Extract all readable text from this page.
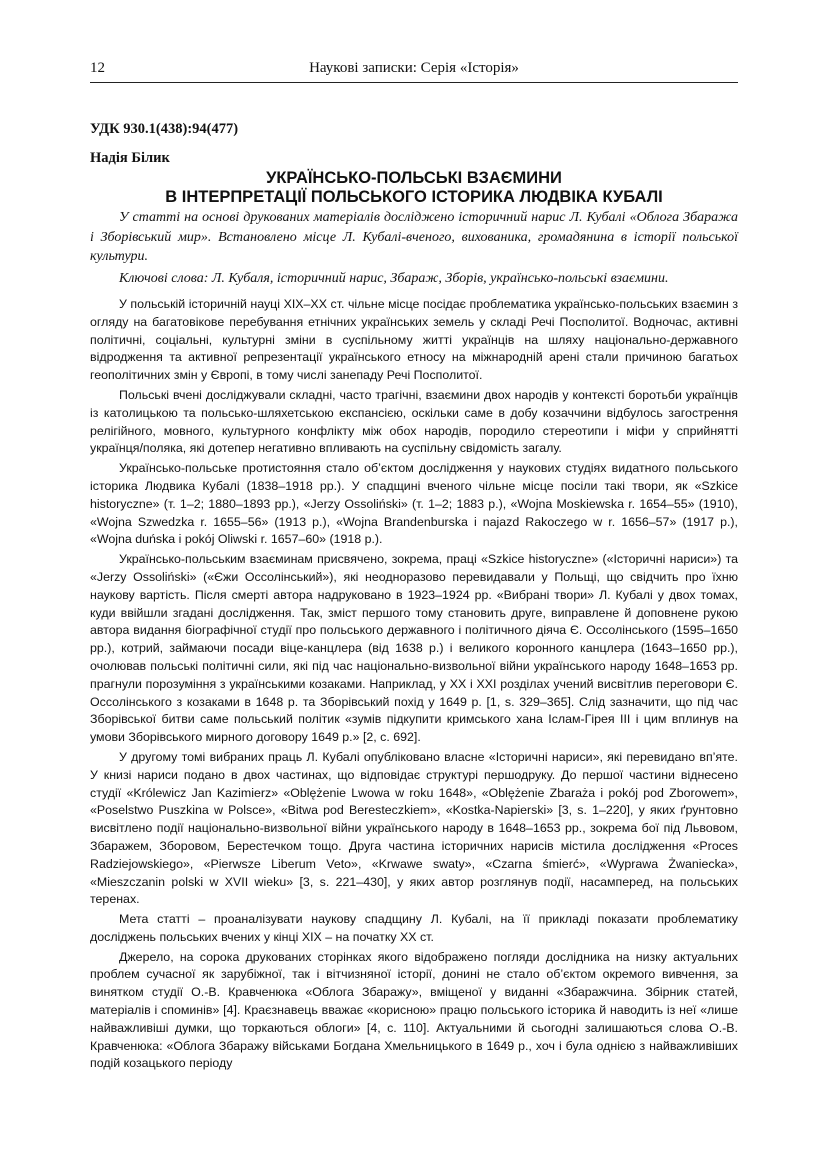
12	Наукові записки: Серія «Історія»
УДК 930.1(438):94(477)
Надія Білик
УКРАЇНСЬКО-ПОЛЬСЬКІ ВЗАЄМИНИ
В ІНТЕРПРЕТАЦІЇ ПОЛЬСЬКОГО ІСТОРИКА ЛЮДВІКА КУБАЛІ
У статті на основі друкованих матеріалів досліджено історичний нарис Л. Кубалі «Облога Збаража і Зборівський мир». Встановлено місце Л. Кубалі-вченого, вихованика, громадянина в історії польської культури.
Ключові слова: Л. Кубаля, історичний нарис, Збараж, Зборів, українсько-польські взаємини.

У польській історичній науці XIX–XX ст. чільне місце посідає проблематика українсько-польських взаємин з огляду на багатовікове перебування етнічних українських земель у складі Речі Посполитої. Водночас, активні політичні, соціальні, культурні зміни в суспільному житті українців на шляху національно-державного відродження та активної репрезентації українського етносу на міжнародній арені стали причиною багатьох геополітичних змін у Європі, в тому числі занепаду Речі Посполитої.

Польські вчені досліджували складні, часто трагічні, взаємини двох народів у контексті боротьби українців із католицькою та польсько-шляхетською експансією, оскільки саме в добу козаччини відбулось загострення релігійного, мовного, культурного конфлікту між обох народів, породило стереотипи і міфи у сприйнятті українця/поляка, які дотепер негативно впливають на суспільну свідомість загалу.

Українсько-польське протистояння стало об’єктом дослідження у наукових студіях видатного польського історика Людвика Кубалі (1838–1918 рр.). У спадщині вченого чільне місце посіли такі твори, як «Szkice historyczne» (т. 1–2; 1880–1893 рр.), «Jerzy Ossoliński» (т. 1–2; 1883 р.), «Wojna Moskiewska r. 1654–55» (1910), «Wojna Szwedzka r. 1655–56» (1913 р.), «Wojna Brandenburska i najazd Rakoczego w r. 1656–57» (1917 р.), «Wojna duńska i pokój Oliwski r. 1657–60» (1918 р.).

Українсько-польським взаєминам присвячено, зокрема, праці «Szkice historyczne» («Історичні нариси») та «Jerzy Ossoliński» («Єжи Оссолінський»), які неодноразово перевидавали у Польщі, що свідчить про їхню наукову вартість. Після смерті автора надруковано в 1923–1924 рр. «Вибрані твори» Л. Кубалі у двох томах, куди ввійшли згадані дослідження. Так, зміст першого тому становить друге, виправлене й доповнене рукою автора видання біографічної студії про польського державного і політичного діяча Є. Оссолінського (1595–1650 рр.), котрий, займаючи посади віце-канцлера (від 1638 р.) і великого коронного канцлера (1643–1650 рр.), очолював польські політичні сили, які під час національно-визвольної війни українського народу 1648–1653 рр. прагнули порозуміння з українськими козаками. Наприклад, у XX і XXI розділах учений висвітлив переговори Є. Оссолінського з козаками в 1648 р. та Зборівський похід у 1649 р. [1, s. 329–365]. Слід зазначити, що під час Зборівської битви саме польський політик «зумів підкупити кримського хана Іслам-Гірея III і цим вплинув на умови Зборівського мирного договору 1649 р.» [2, с. 692].

У другому томі вибраних праць Л. Кубалі опубліковано власне «Історичні нариси», які перевидано вп’яте. У книзі нариси подано в двох частинах, що відповідає структурі першодруку. До першої частини віднесено студії «Królewicz Jan Kazimierz» «Oblężenie Lwowa w roku 1648», «Oblężenie Zbaraża i pokój pod Zborowem», «Poselstwo Puszkina w Polsce», «Bitwa pod Beresteczkiem», «Kostka-Napierski» [3, s. 1–220], у яких ґрунтовно висвітлено події національно-визвольної війни українського народу в 1648–1653 рр., зокрема бої під Львовом, Збаражем, Зборовом, Берестечком тощо. Друга частина історичних нарисів містила дослідження «Proces Radziejowskiego», «Pierwsze Liberum Veto», «Krwawe swaty», «Czarna śmierć», «Wyprawa Żwaniecka», «Mieszczanin polski w XVII wieku» [3, s. 221–430], у яких автор розглянув події, насамперед, на польських теренах.

Мета статті – проаналізувати наукову спадщину Л. Кубалі, на її прикладі показати проблематику досліджень польських вчених у кінці XIX – на початку XX ст.

Джерело, на сорока друкованих сторінках якого відображено погляди дослідника на низку актуальних проблем сучасної як зарубіжної, так і вітчизняної історії, донині не стало об’єктом окремого вивчення, за винятком студії О.-В. Кравченюка «Облога Збаражу», вміщеної у виданні «Збаражчина. Збірник статей, матеріалів і споминів» [4]. Краєзнавець вважає «корисною» працю польського історика й наводить із неї «лише найважливіші думки, що торкаються облоги» [4, с. 110]. Актуальними й сьогодні залишаються слова О.-В. Кравченюка: «Облога Збаражу військами Богдана Хмельницького в 1649 р., хоч і була однією з найважливіших подій козацького періоду
